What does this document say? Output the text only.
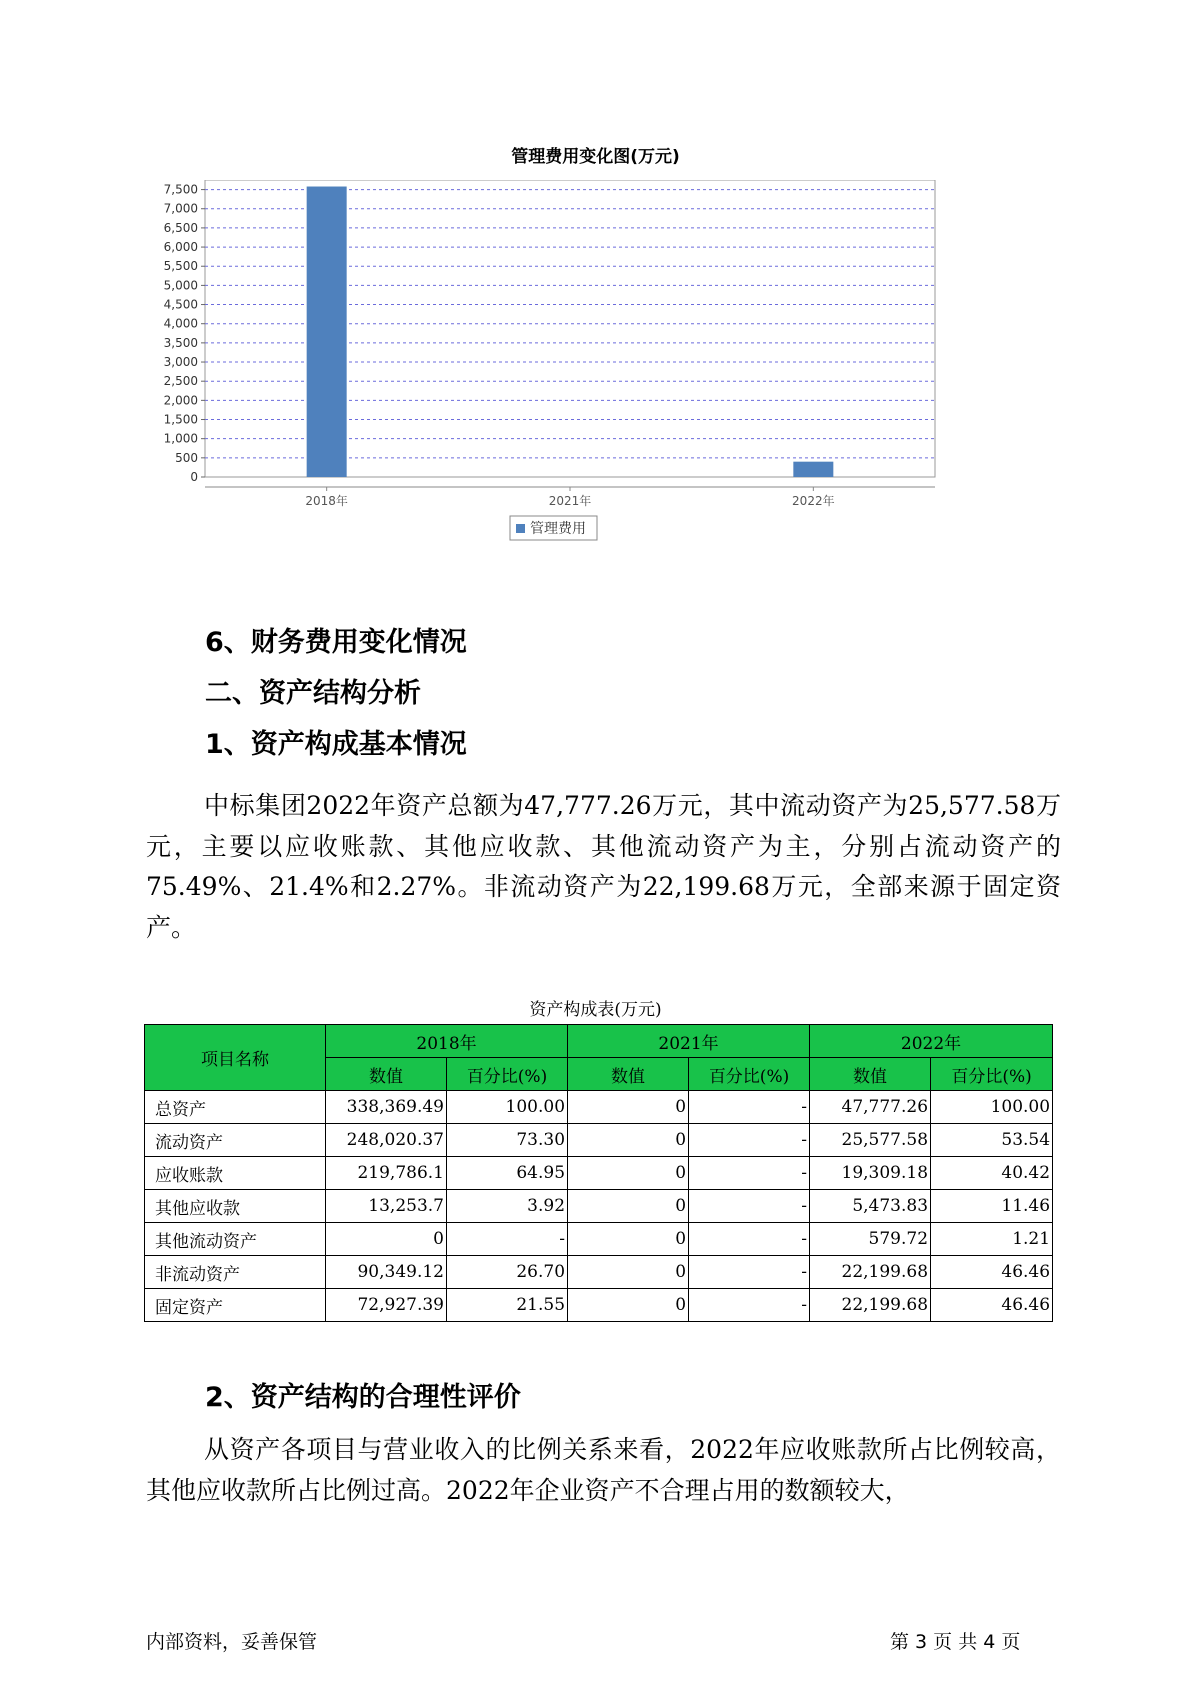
管理费用变化图(万元)
0
500
1,000
1,500
2,000
2,500
3,000
3,500
4,000
4,500
5,000
5,500
6,000
6,500
7,000
7,500
2018年	2021年	2022年
管理费用
6、财务费用变化情况
二、资产结构分析
1、资产构成基本情况
中标集团2022年资产总额为47,777.26万元，其中流动资产为25,577.58万元，主要以应收账款、其他应收款、其他流动资产为主，分别占流动资产的75.49%、21.4%和2.27%。非流动资产为22,199.68万元，全部来源于固定资产。
资产构成表(万元)
项目名称	2018年		2021年		2022年	
	数值	百分比(%)	数值	百分比(%)	数值	百分比(%)
总资产	338,369.49	100.00	0	-	47,777.26	100.00
流动资产	248,020.37	73.30	0	-	25,577.58	53.54
应收账款	219,786.1	64.95	0	-	19,309.18	40.42
其他应收款	13,253.7	3.92	0	-	5,473.83	11.46
其他流动资产	0	-	0	-	579.72	1.21
非流动资产	90,349.12	26.70	0	-	22,199.68	46.46
固定资产	72,927.39	21.55	0	-	22,199.68	46.46
2、资产结构的合理性评价
从资产各项目与营业收入的比例关系来看，2022年应收账款所占比例较高，其他应收款所占比例过高。2022年企业资产不合理占用的数额较大，
内部资料，妥善保管	第 3 页 共 4 页
